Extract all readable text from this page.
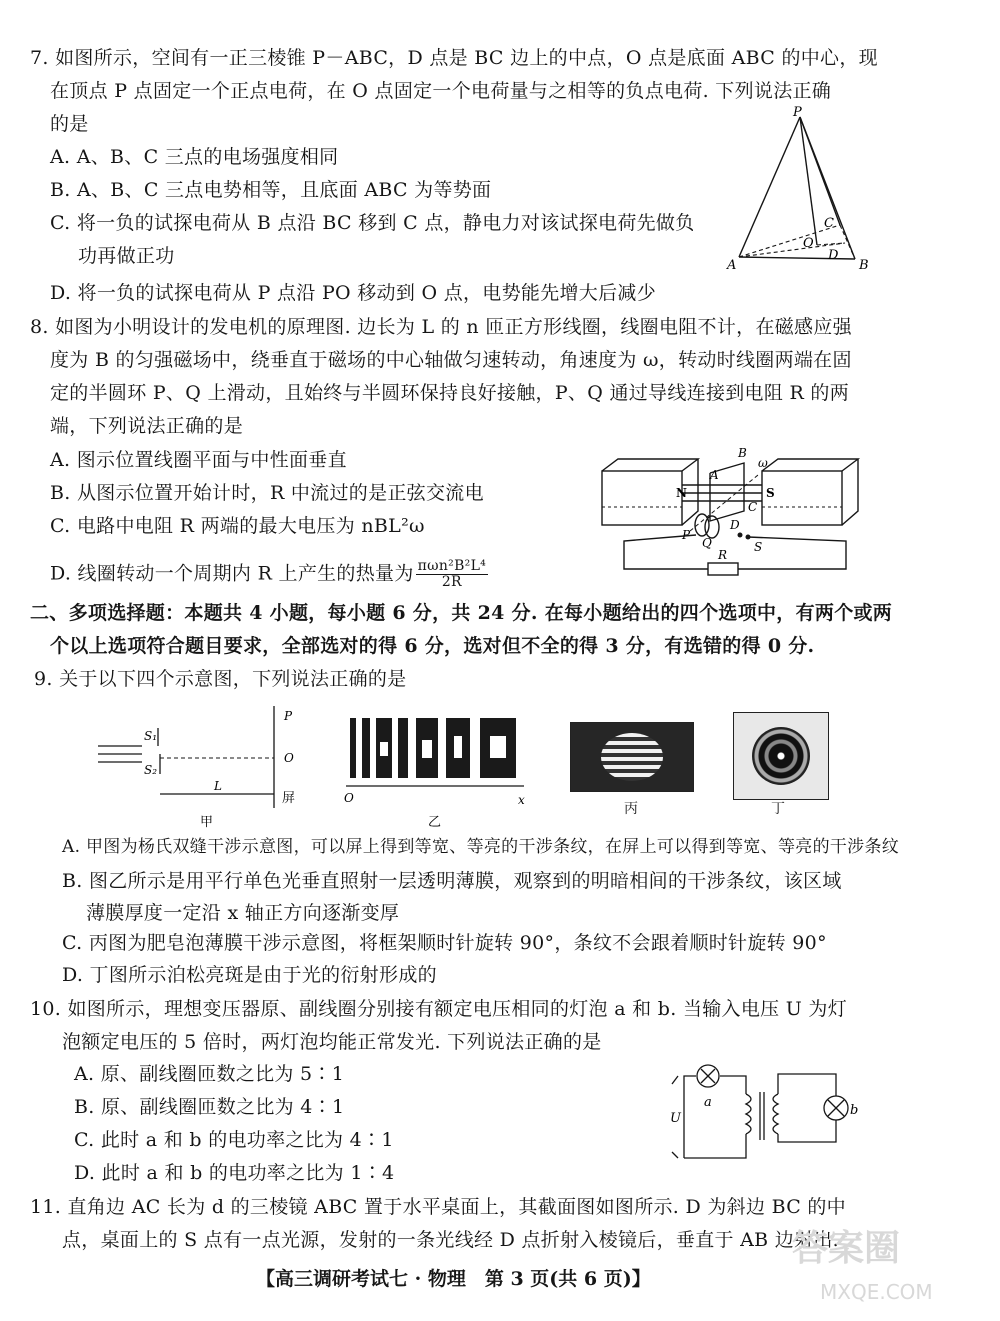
7. 如图所示，空间有一正三棱锥 P－ABC，D 点是 BC 边上的中点，O 点是底面 ABC 的中心，现
在顶点 P 点固定一个正点电荷，在 O 点固定一个电荷量与之相等的负点电荷. 下列说法正确
的是
A. A、B、C 三点的电场强度相同
B. A、B、C 三点电势相等，且底面 ABC 为等势面
C. 将一负的试探电荷从 B 点沿 BC 移到 C 点，静电力对该试探电荷先做负
功再做正功
D. 将一负的试探电荷从 P 点沿 PO 移动到 O 点，电势能先增大后减少
P
A	B
C
O
D
8. 如图为小明设计的发电机的原理图. 边长为 L 的 n 匝正方形线圈，线圈电阻不计，在磁感应强
度为 B 的匀强磁场中，绕垂直于磁场的中心轴做匀速转动，角速度为 ω，转动时线圈两端在固
定的半圆环 P、Q 上滑动，且始终与半圆环保持良好接触，P、Q 通过导线连接到电阻 R 的两
端，下列说法正确的是
A. 图示位置线圈平面与中性面垂直
B. 从图示位置开始计时，R 中流过的是正弦交流电
C. 电路中电阻 R 两端的最大电压为 nBL²ω
D. 线圈转动一个周期内 R 上产生的热量为 $\frac{\text{πωn²B²L⁴}}{2R}$
N	S
A
B
C
D
P
Q
R
ω
S
二、多项选择题：本题共 4 小题，每小题 6 分，共 24 分. 在每小题给出的四个选项中，有两个或两
个以上选项符合题目要求，全部选对的得 6 分，选对但不全的得 3 分，有选错的得 0 分.
9. 关于以下四个示意图，下列说法正确的是
S₁
S₂
P
O
L
屏
甲
O	x
乙
丙	丁
A. 甲图为杨氏双缝干涉示意图，可以屏上得到等宽、等亮的干涉条纹，在屏上可以得到等宽、等亮的干涉条纹
B. 图乙所示是用平行单色光垂直照射一层透明薄膜，观察到的明暗相间的干涉条纹，该区域
薄膜厚度一定沿 x 轴正方向逐渐变厚
C. 丙图为肥皂泡薄膜干涉示意图，将框架顺时针旋转 90°，条纹不会跟着顺时针旋转 90°
D. 丁图所示泊松亮斑是由于光的衍射形成的
10. 如图所示，理想变压器原、副线圈分别接有额定电压相同的灯泡 a 和 b. 当输入电压 U 为灯
泡额定电压的 5 倍时，两灯泡均能正常发光. 下列说法正确的是
A. 原、副线圈匝数之比为 5∶1
B. 原、副线圈匝数之比为 4∶1
C. 此时 a 和 b 的电功率之比为 4∶1
D. 此时 a 和 b 的电功率之比为 1∶4
U
a
b
11. 直角边 AC 长为 d 的三棱镜 ABC 置于水平桌面上，其截面图如图所示. D 为斜边 BC 的中
点，桌面上的 S 点有一点光源，发射的一条光线经 D 点折射入棱镜后，垂直于 AB 边射出.
【高三调研考试七 · 物理　第 3 页(共 6 页)】
答案圈
MXQE.COM
